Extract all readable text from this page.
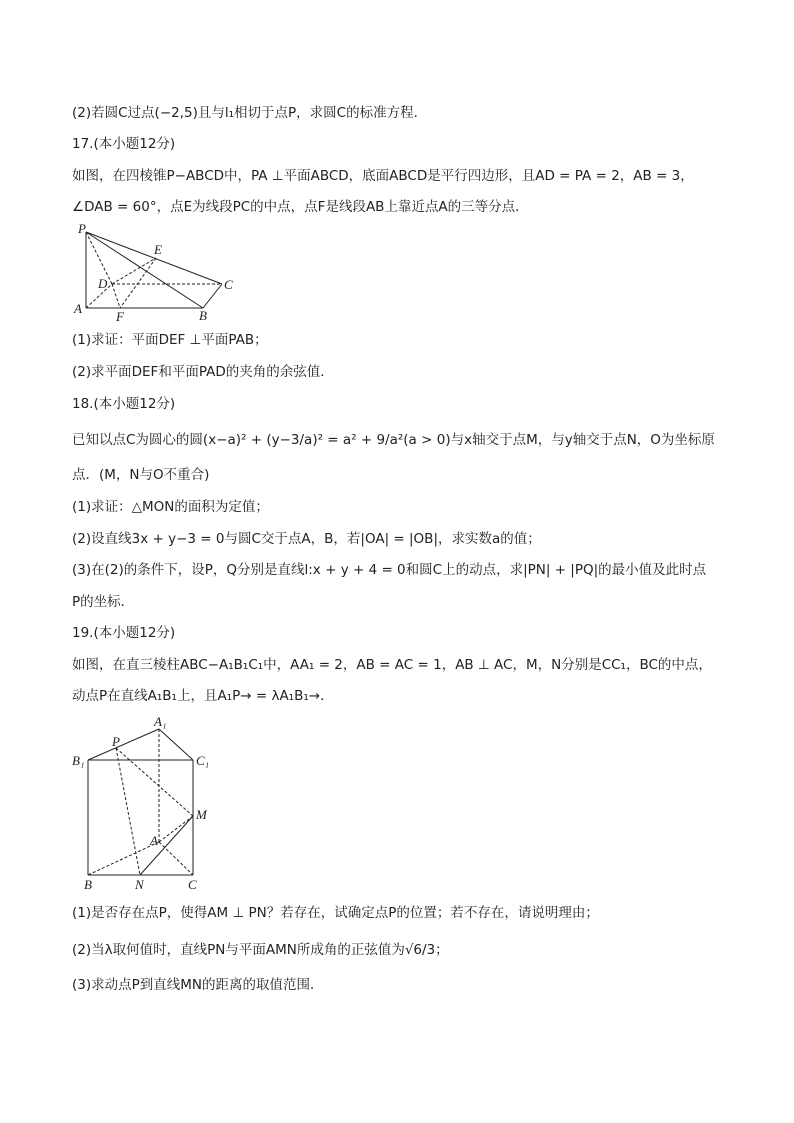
(2)若圆C过点(−2,5)且与l₁相切于点P，求圆C的标准方程．
17.(本小题12分)
如图，在四棱锥P−ABCD中，PA ⊥平面ABCD，底面ABCD是平行四边形，且AD = PA = 2，AB = 3，
∠DAB = 60°，点E为线段PC的中点，点F是线段AB上靠近点A的三等分点．
P
E
D	C
A
F	B
(1)求证：平面DEF ⊥平面PAB；
(2)求平面DEF和平面PAD的夹角的余弦值．
18.(本小题12分)
已知以点C为圆心的圆(x−a)² + (y−3/a)² = a² + 9/a²(a > 0)与x轴交于点M，与y轴交于点N，O为坐标原
点．(M，N与O不重合)
(1)求证：△MON的面积为定值；
(2)设直线3x + y−3 = 0与圆C交于点A，B，若|OA| = |OB|，求实数a的值；
(3)在(2)的条件下，设P，Q分别是直线l:x + y + 4 = 0和圆C上的动点，求|PN| + |PQ|的最小值及此时点
P的坐标．
19.(本小题12分)
如图，在直三棱柱ABC−A₁B₁C₁中，AA₁ = 2，AB = AC = 1，AB ⊥ AC，M，N分别是CC₁，BC的中点，
动点P在直线A₁B₁上，且A₁P→ = λA₁B₁→．
A₁
P
B₁	C₁
M
A
B	N	C
(1)是否存在点P，使得AM ⊥ PN？若存在，试确定点P的位置；若不存在，请说明理由；
(2)当λ取何值时，直线PN与平面AMN所成角的正弦值为√6/3；
(3)求动点P到直线MN的距离的取值范围．
